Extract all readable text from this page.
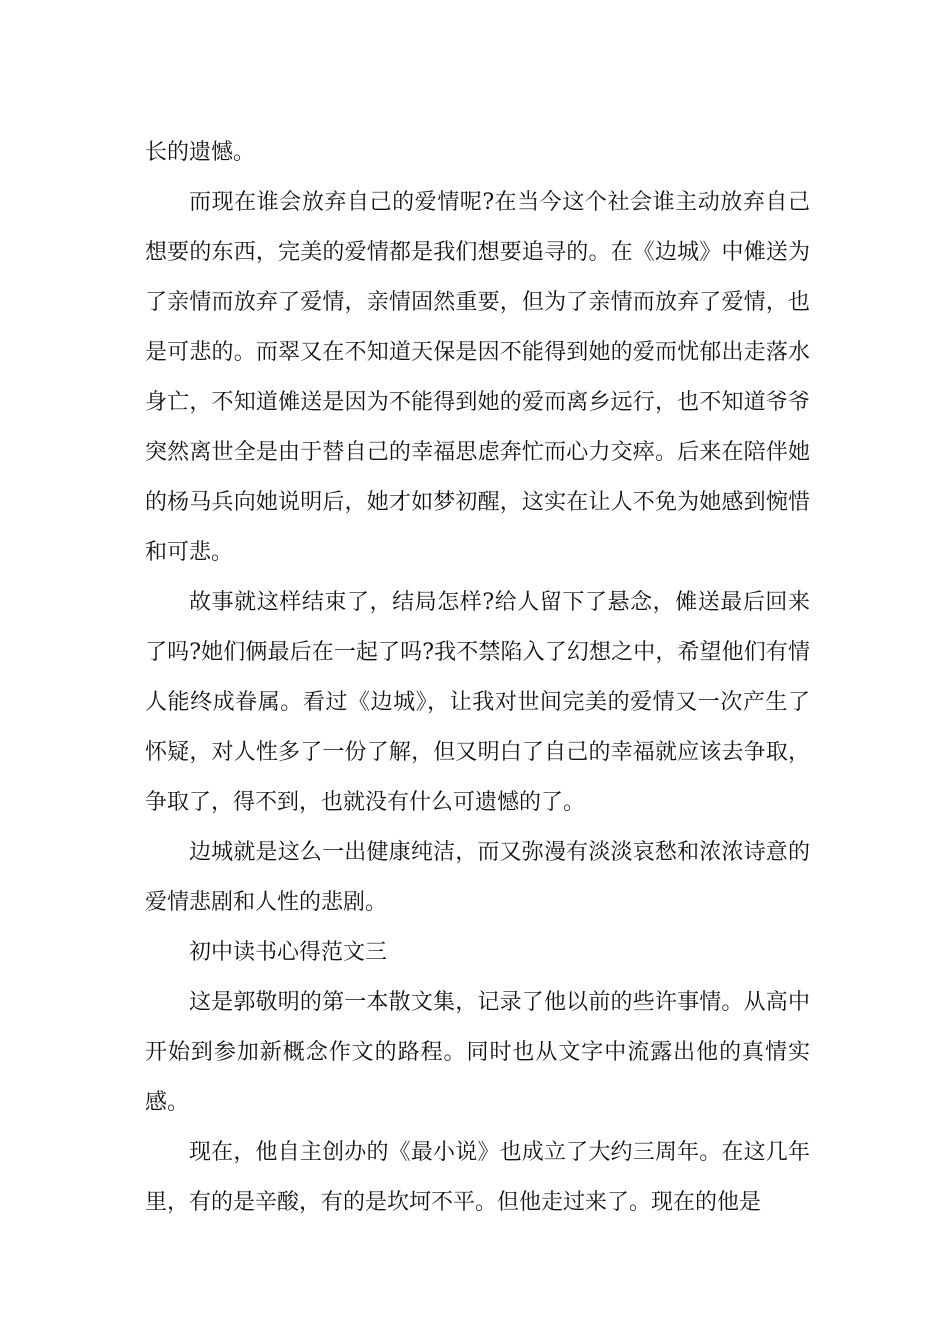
长的遗憾。

而现在谁会放弃自己的爱情呢?在当今这个社会谁主动放弃自己想要的东西，完美的爱情都是我们想要追寻的。在《边城》中傩送为了亲情而放弃了爱情，亲情固然重要，但为了亲情而放弃了爱情，也是可悲的。而翠又在不知道天保是因不能得到她的爱而忧郁出走落水身亡，不知道傩送是因为不能得到她的爱而离乡远行，也不知道爷爷突然离世全是由于替自己的幸福思虑奔忙而心力交瘁。后来在陪伴她的杨马兵向她说明后，她才如梦初醒，这实在让人不免为她感到惋惜和可悲。

故事就这样结束了，结局怎样?给人留下了悬念，傩送最后回来了吗?她们俩最后在一起了吗?我不禁陷入了幻想之中，希望他们有情人能终成眷属。看过《边城》，让我对世间完美的爱情又一次产生了怀疑，对人性多了一份了解，但又明白了自己的幸福就应该去争取，争取了，得不到，也就没有什么可遗憾的了。

边城就是这么一出健康纯洁，而又弥漫有淡淡哀愁和浓浓诗意的爱情悲剧和人性的悲剧。

初中读书心得范文三

这是郭敬明的第一本散文集，记录了他以前的些许事情。从高中开始到参加新概念作文的路程。同时也从文字中流露出他的真情实感。

现在，他自主创办的《最小说》也成立了大约三周年。在这几年里，有的是辛酸，有的是坎坷不平。但他走过来了。现在的他是
